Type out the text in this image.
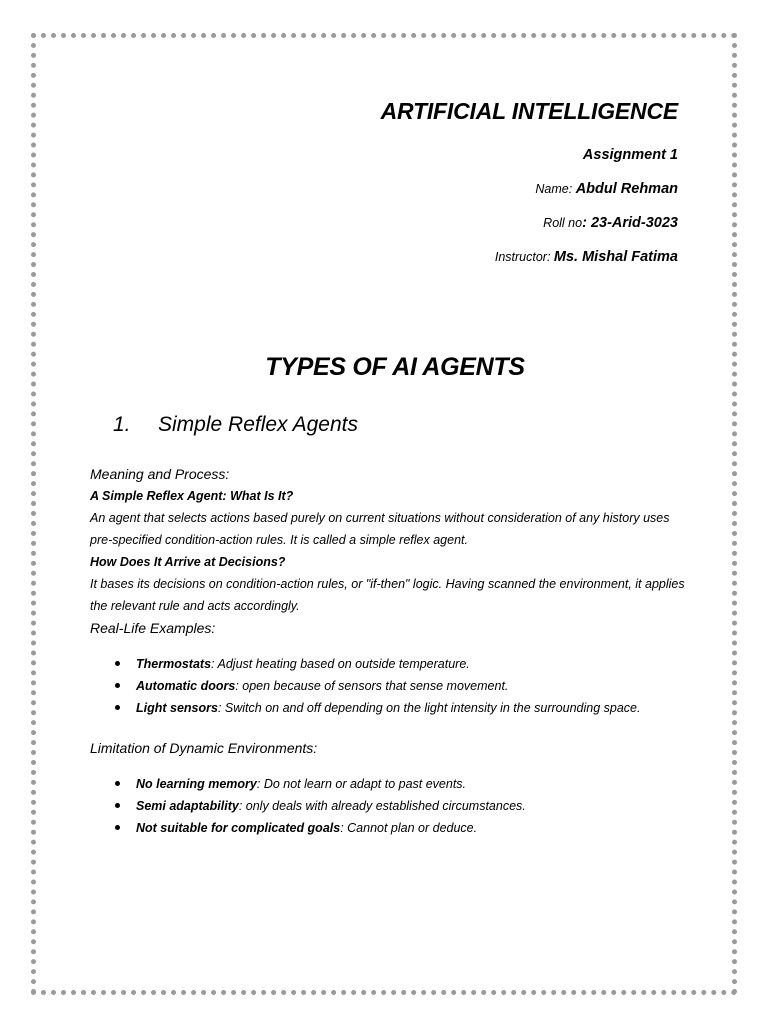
ARTIFICIAL INTELLIGENCE
Assignment 1
Name: Abdul Rehman
Roll no: 23-Arid-3023
Instructor: Ms. Mishal Fatima
TYPES OF AI AGENTS
1. Simple Reflex Agents
Meaning and Process:
A Simple Reflex Agent: What Is It?
An agent that selects actions based purely on current situations without consideration of any history uses pre-specified condition-action rules. It is called a simple reflex agent.
How Does It Arrive at Decisions?
It bases its decisions on condition-action rules, or "if-then" logic. Having scanned the environment, it applies the relevant rule and acts accordingly.
Real-Life Examples:
Thermostats: Adjust heating based on outside temperature.
Automatic doors: open because of sensors that sense movement.
Light sensors: Switch on and off depending on the light intensity in the surrounding space.
Limitation of Dynamic Environments:
No learning memory: Do not learn or adapt to past events.
Semi adaptability: only deals with already established circumstances.
Not suitable for complicated goals: Cannot plan or deduce.
